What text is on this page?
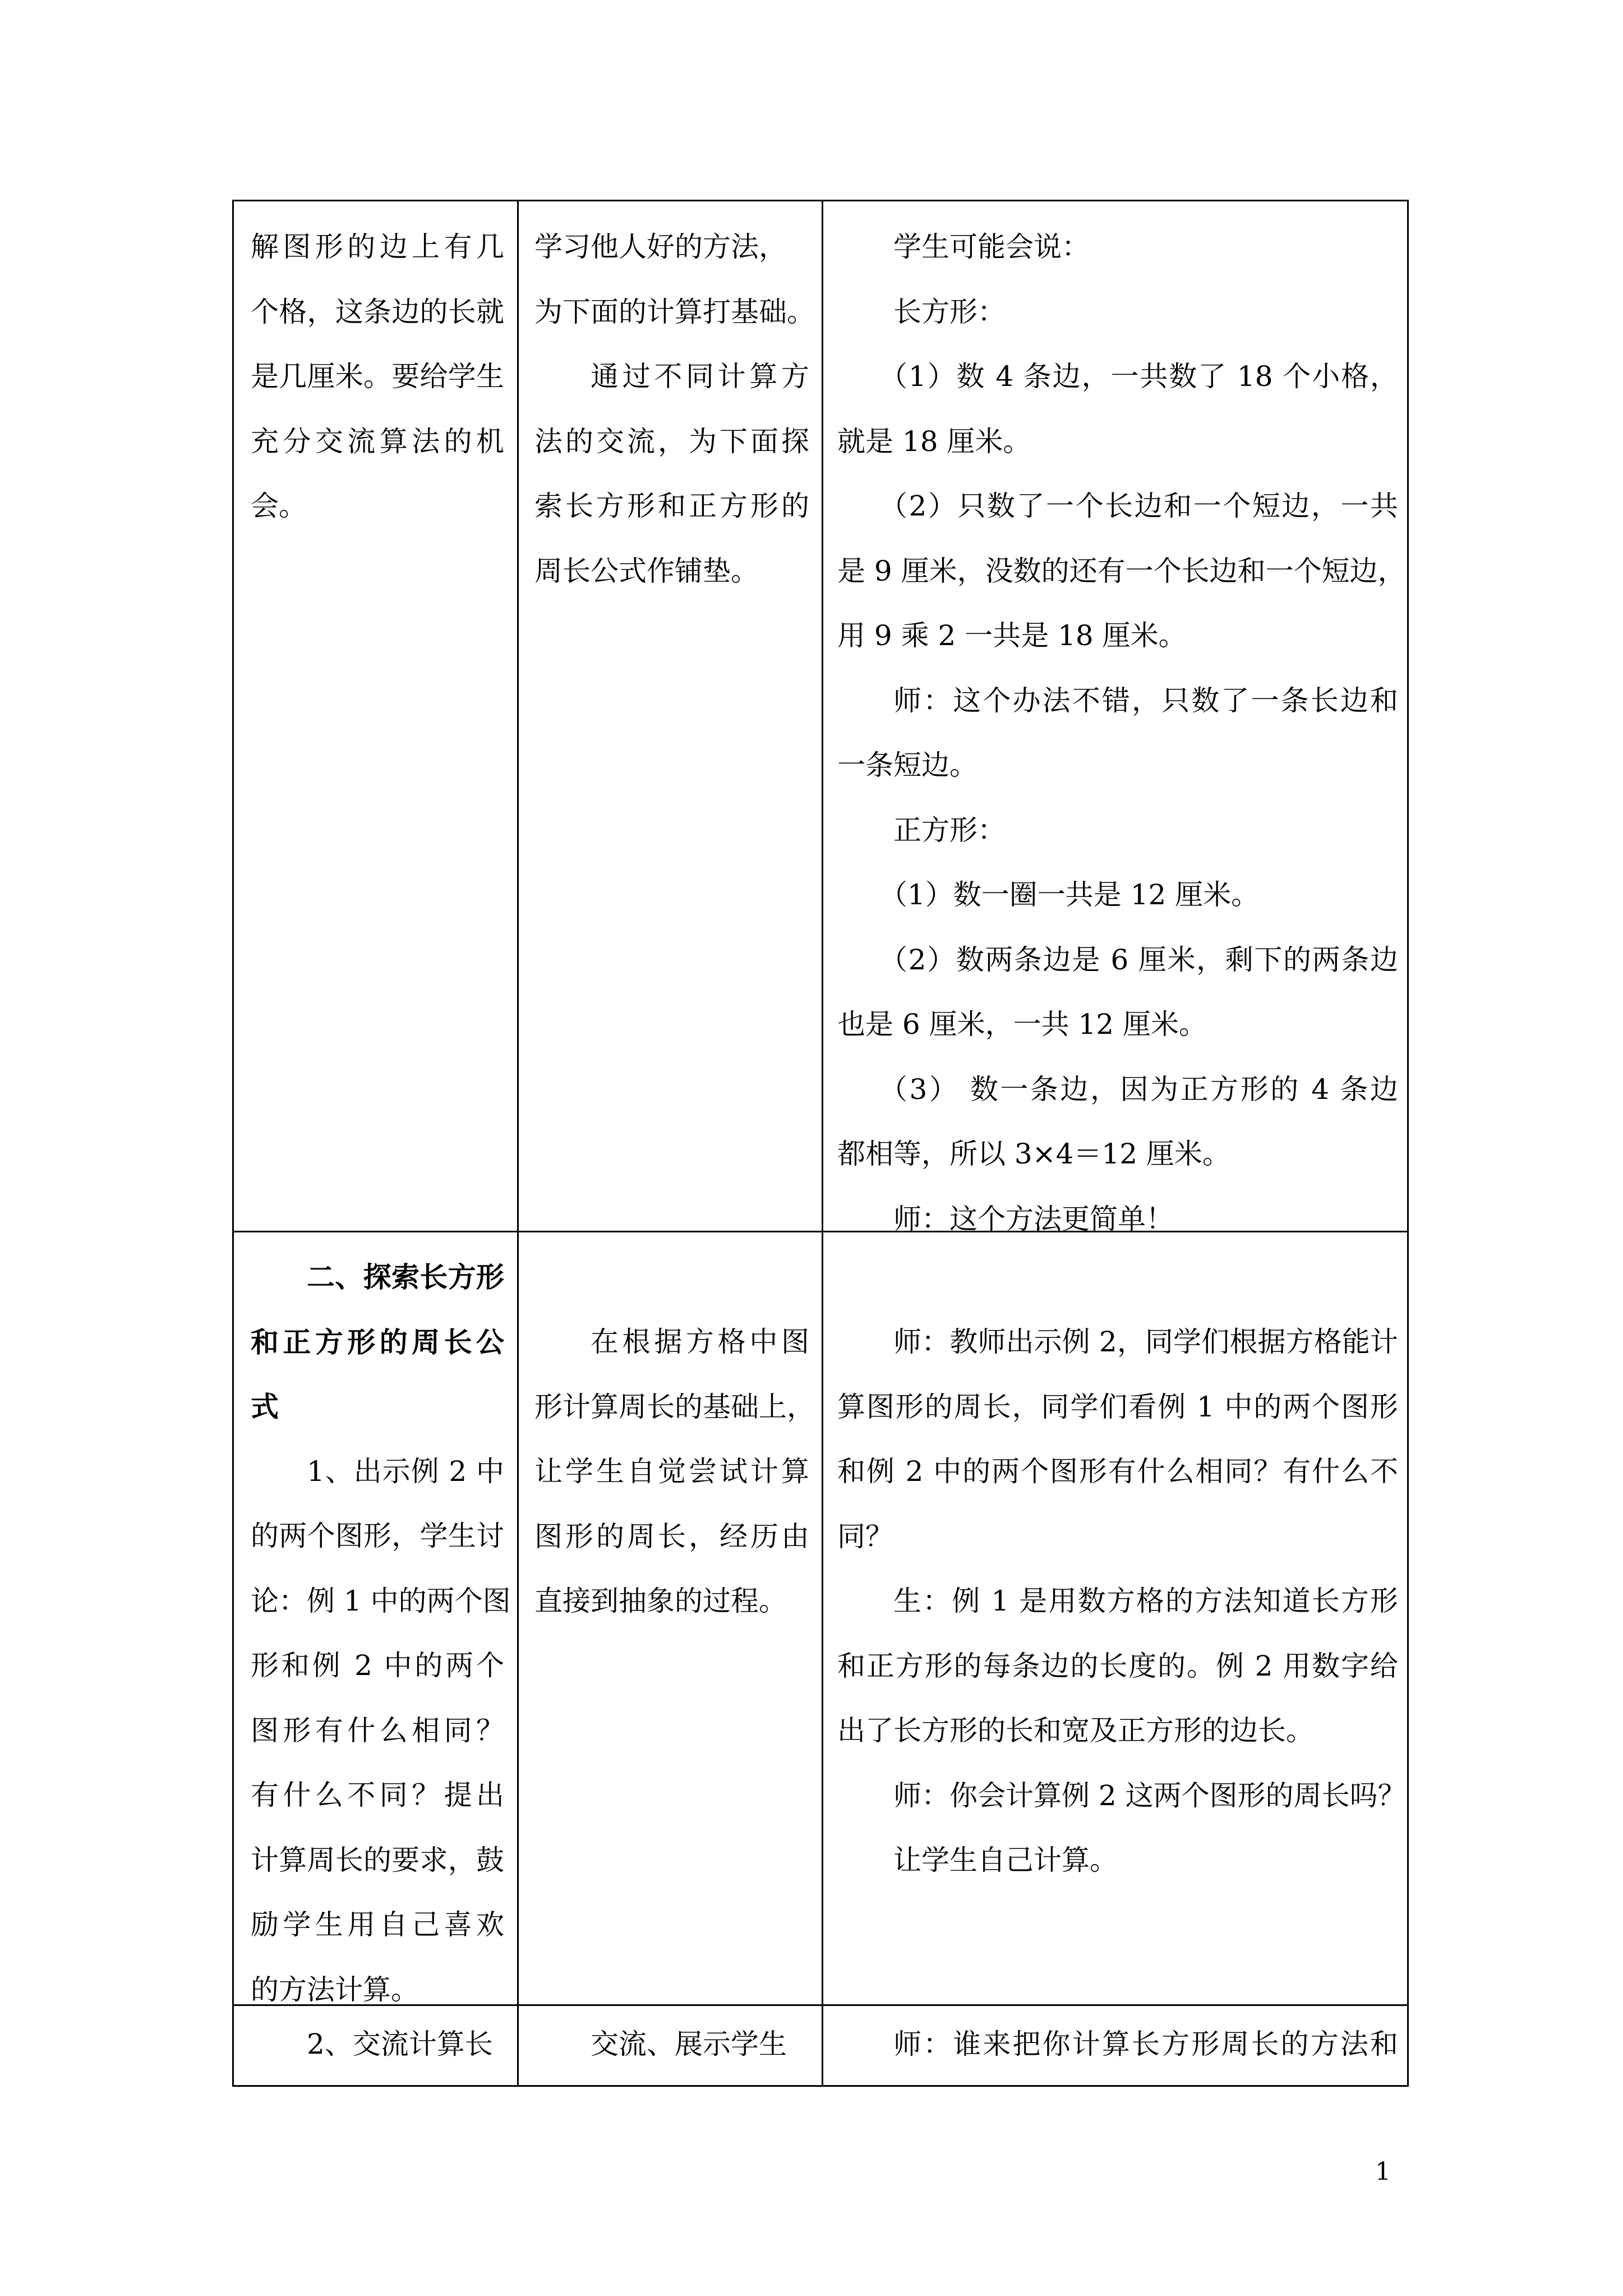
解图形的边上有几

个格，这条边的长就

是几厘米。要给学生

充分交流算法的机

会。

学习他人好的方法，

为下面的计算打基础。

通过不同计算方

法的交流，为下面探

索长方形和正方形的

周长公式作铺垫。

学生可能会说：

长方形：

（1）数 4 条边，一共数了 18 个小格，

就是 18 厘米。

（2）只数了一个长边和一个短边，一共

是 9 厘米，没数的还有一个长边和一个短边，

用 9 乘 2 一共是 18 厘米。

师：这个办法不错，只数了一条长边和

一条短边。

正方形：

（1）数一圈一共是 12 厘米。

（2）数两条边是 6 厘米，剩下的两条边

也是 6 厘米，一共 12 厘米。

（3） 数一条边，因为正方形的 4 条边

都相等，所以 3×4＝12 厘米。

师：这个方法更简单！

二、探索长方形

和正方形的周长公

式

1、出示例 2 中

的两个图形，学生讨

论：例 1 中的两个图

形和例 2 中的两个

图形有什么相同？

有什么不同？提出

计算周长的要求，鼓

励学生用自己喜欢

的方法计算。

在根据方格中图

形计算周长的基础上，

让学生自觉尝试计算

图形的周长，经历由

直接到抽象的过程。

师：教师出示例 2，同学们根据方格能计

算图形的周长，同学们看例 1 中的两个图形

和例 2 中的两个图形有什么相同？有什么不

同？

生：例 1 是用数方格的方法知道长方形

和正方形的每条边的长度的。例 2 用数字给

出了长方形的长和宽及正方形的边长。

师：你会计算例 2 这两个图形的周长吗？

让学生自己计算。

2、交流计算长	交流、展示学生	师：谁来把你计算长方形周长的方法和

1
